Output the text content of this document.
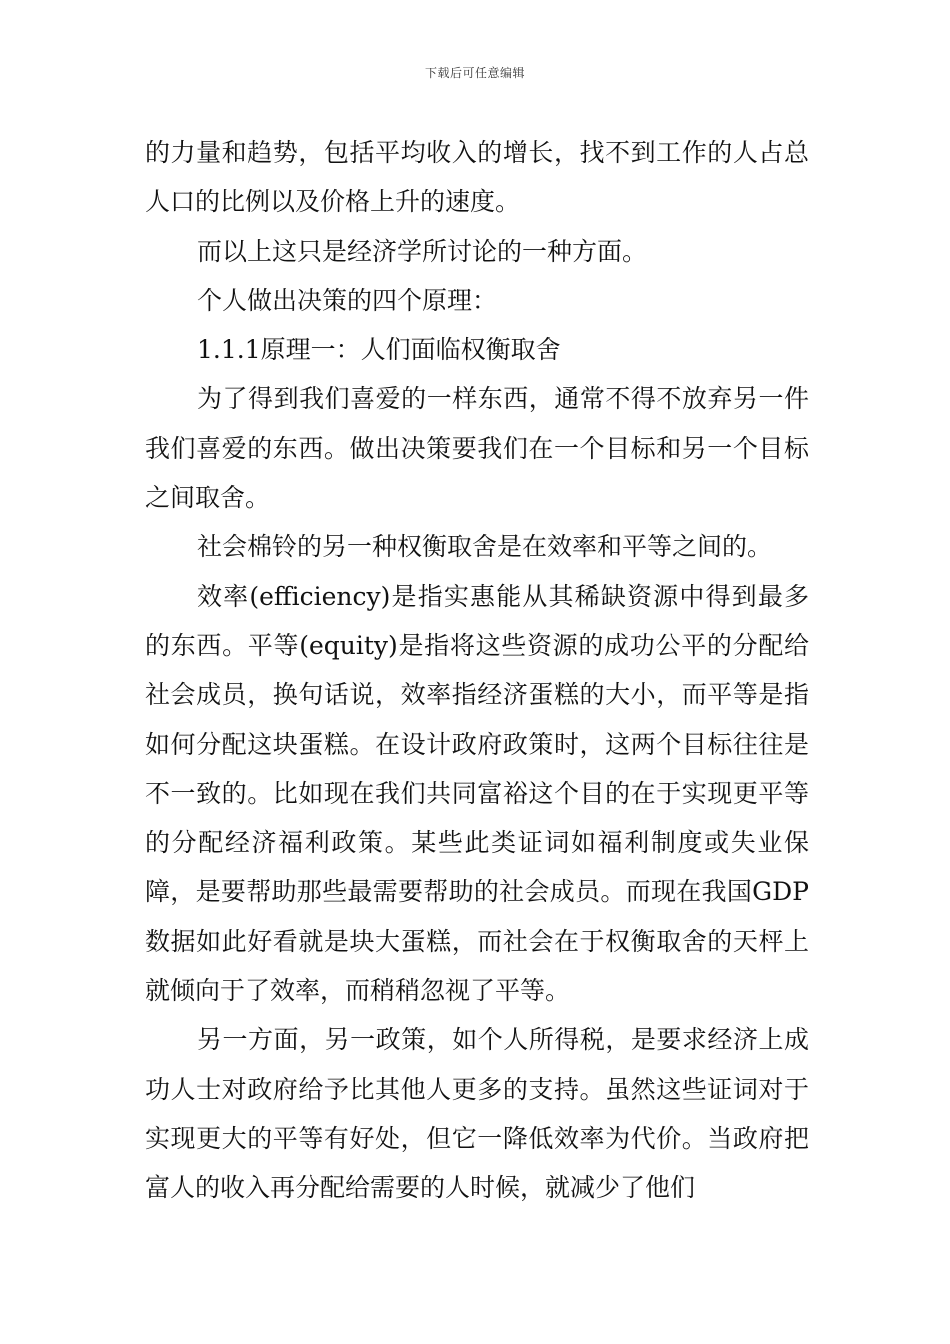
下载后可任意编辑

的力量和趋势，包括平均收入的增长，找不到工作的人占总人口的比例以及价格上升的速度。

而以上这只是经济学所讨论的一种方面。

个人做出决策的四个原理：

1.1.1原理一：人们面临权衡取舍

为了得到我们喜爱的一样东西，通常不得不放弃另一件我们喜爱的东西。做出决策要我们在一个目标和另一个目标之间取舍。

社会棉铃的另一种权衡取舍是在效率和平等之间的。

效率(efficiency)是指实惠能从其稀缺资源中得到最多的东西。平等(equity)是指将这些资源的成功公平的分配给社会成员，换句话说，效率指经济蛋糕的大小，而平等是指如何分配这块蛋糕。在设计政府政策时，这两个目标往往是不一致的。比如现在我们共同富裕这个目的在于实现更平等的分配经济福利政策。某些此类证词如福利制度或失业保障，是要帮助那些最需要帮助的社会成员。而现在我国GDP数据如此好看就是块大蛋糕，而社会在于权衡取舍的天枰上就倾向于了效率，而稍稍忽视了平等。

另一方面，另一政策，如个人所得税，是要求经济上成功人士对政府给予比其他人更多的支持。虽然这些证词对于实现更大的平等有好处，但它一降低效率为代价。当政府把富人的收入再分配给需要的人时候，就减少了他们
